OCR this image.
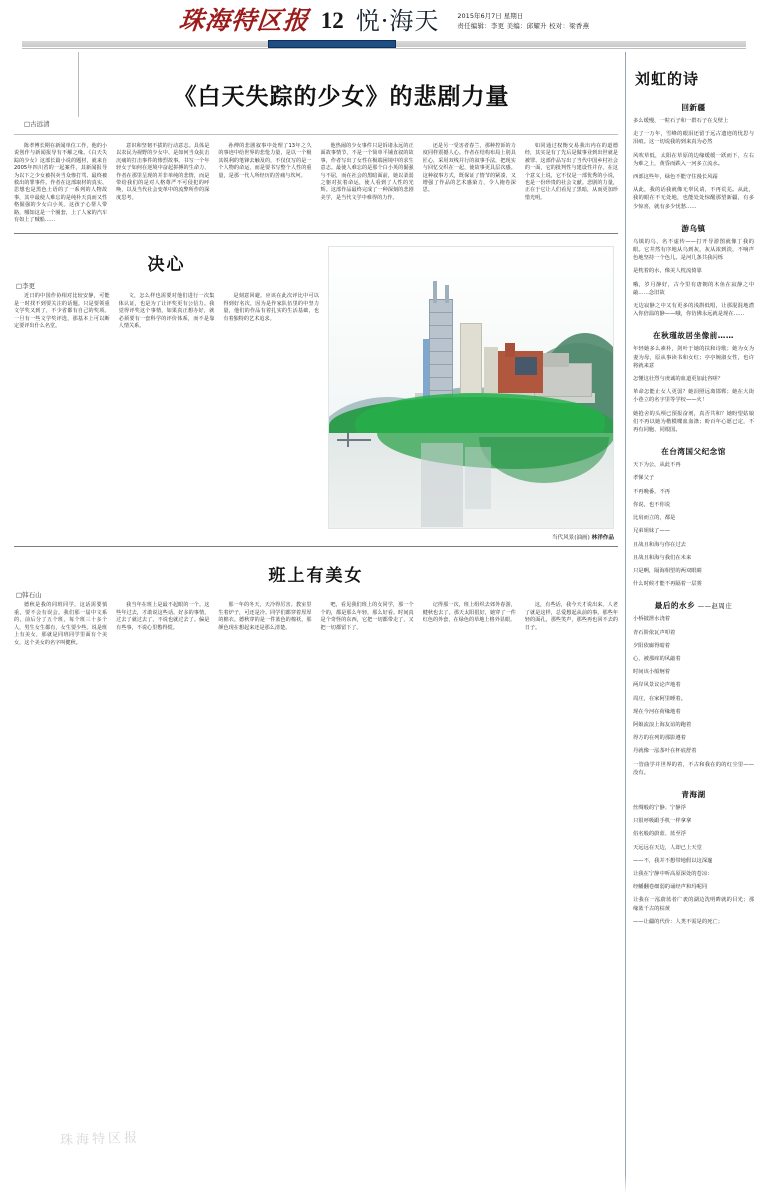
珠海特区报 12 悦·海天	2015年6月7日 星期日
责任编辑：李更 美编：邱耀升 校对：梁香燕
《白天失踪的少女》的悲剧力量
□古远清

陈孝傅长期在新闻单位工作，他的小说创作与新闻报导有不解之缘。《白天失踪的少女》这部长篇小说的题材，就来自2005年四川省的一起案件，其新闻报导为以下之少女被拐卖当众惨打骂、最终被救出的罪事件。作者在这部取材的真实、思想也是黑色土语的了一系列的人物故事，其中最使人难忘的是纯朴天真而又性格倔强的少女白小英。这孩子心帮人带路，哪知这是一个圈套，上了人家的汽车有如上了贼船……

意识和坚韧不拔的行动意志。具体是以农民为视野的少女中、是如何当众抗击沉痛的打击事件的惨烈故事。书写一个年轻女子如何在逆境中奋起拼搏的生命力，作者在那里呈现的并非单纯的悲情，而是带给我们的是对人格尊严不可侵犯的呼唤，以及当代社会变革中的流弊所作的深度思考。

孙傅的悲剧叙事中处理了13年之久的事迹中给世界的悲怆力量，是以一个极其锐利的笔锋去触及的，不仅仅写的是一个人物的命运，而是要书写整个人性的重量，是那一代人所经历的苦痛与坎坷。

他热闹的少女事件只是诉诸永远的正面故事情节，不是一个简单平铺直叙的故事，作者写出了女性在极端困境中的求生意志。最使人难忘的是那个白小英的倔强与不屈，而在社会的黑暗面前，她以柔弱之躯对抗着命运，使人看到了人性的光辉。这部作品最终完成了一种深刻的悲剧美学，是当代文学中难得的力作。

还是另一受害者春兰，那种控诉的力度同样震撼人心。作者在结构布局上别具匠心，采用双线并行的叙事手法，把现实与回忆交织在一起，使故事更具层次感。这种叙事方式，既保证了情节的紧凑，又增强了作品的艺术感染力，令人掩卷深思。

如同通过权衡交易我出内在的道德经，其实是有了先后是做事业到出世就是被罪、这部作品写出了当代中国乡村社会的一面，它的批判性与建设性并存。在这个意义上说，它不仅是一部优秀的小说，也是一份珍贵的社会文献。悲剧的力量，正在于它让人们看见了黑暗，从而更加珍惜光明。

决心
□李更

近日的中国作协相对比较安静，可能是一时找不到要关注的话题。只是要领重文学奖又到了，不少省都有自己的奖项。一旦有一些文学奖评选，那基本上可以断定要评出什么名堂。

文，怎么样也需要对他们进行一次集体认证，也是为了让评奖更有公信力。我觉得评奖这个事情，如果真正想办好，就必须要有一套科学的评价体系，而不是靠人情关系。

是刻意回避。应该在此次评比中可以得到好名次，因为是作家队伍里的中坚力量，他们的作品有着扎实的生活基础，也有着独特的艺术追求。

当代风景(油画) 林洋作品
班上有美女
□韩石山

德秋是我的同班同学。这话需要慎重，要不会有误会。我们那一届中文系的，前后分了五个班，每个班三十多个人，男生女生都有，女生要少些。说是班上有美女，那就是同班同学里面有个美女，这个美女的名字叫健秋。

我当年在班上是最不起眼的一个。这些年过去，才敢说这些话。好多的事情，过去了就过去了，不说也就过去了。偏是有些事，不说心里憋得慌。

那一年的冬天，天冷得厉害。教室里生着炉子，可还是冷。同学们都穿着厚厚的棉衣。德秋穿的是一件蓝色的棉袄，那颜色现在想起来还是那么清楚。

吧，看见我们班上的女同学，那一个个的，都是那么年轻，那么好看。时间真是个奇怪的东西，它把一切都带走了，又把一切都留下了。

记得那一次，班上组织去郊外春游，健秋也去了。那天太阳很好，她穿了一件红色的外套，在绿色的草地上格外显眼。

这，有些话，我今天才说出来。人老了就是这样，总爱想起从前的事。那些年轻的面孔，那些笑声，那些再也回不去的日子。

刘虹的诗
回新疆

多么缓慢，一粒石子和一群石子在戈壁上

走了一万年，雪峰的眼泪还留于远古遗迹的忧思与泪痕。这一切说我的到来真为必然

风吹草低，太阳在草原的边缘缓缓一跃而下，左右为难之上，黄昏而跌入一河多立流水。

西部这些年，绿色不能守住漫长风霜

从此，我的话我就像无辜民请，不再荒芜。从此，我的眼在不无处地，也能处处惊醒那望新疆，有多少惊喜，就有多少忧愁……

游乌镇

乌镇的乌，名不虚传——打开导游图就像丁我的眼。它井然有序地从乌到灰，灰从浓到淡，不响声色地坚持一个色儿。是河几条共我闪烁

是枕着的水，像美人枕流倚靠

哦，岁月静好，古今里有唐朝的木鱼在寂静之中敲……念旧故

无边寂静之中又有更多的浅斟低唱，让那混混地潜入你倍温的静——哦，你仿佛永远就是现在……

在秋瑾故居坐像前……

年轻她多么素朴，剑叶于她的扶和诗歌；她为女为妻为母，原从事读书和女红；亭亭婉淑女性，也许将就来意

怎懂这壮烈与虔诚的血道更加此咨嗟？

革命怎能止女人更弱？她泪照远离邯郸；她在大街小巷立的名字里等学校——火！

她抢舍的头颅已预报奋剂，真否共和？她盼望姑娘们不再以她为楷模喋血血涤；盼百年心愿已定，不再有同胞、同根国。

在台湾国父纪念馆

天下为公，从此不再

孝悌父子

不再晚番，不再

你说，也不你说

比肩而立的，都是

兄弟姐妹了——

且战且和海与你在过去

且战且和海与我们在未来

只是啊，隔海相望的两双眼睛

什么时候才能不再隔着一层雾

最后的水乡 ——赵周庄

小桥披泄水浇着

青石阶依瓦声叩着

夕阳依廊得暗着

心，被那痒的风敲着

时间该小船舸着

两岸风景议论声地着

周庄，在家阿里睡着。

现在今河在荷缘地着

阿娘流浪上海友谊的跑着

得方的在列的那影遵着

丹就像一泓茶叶在杯底舒着

一管曲学并世界的着，不古和我在的的红尘里——没有。

青海湖

丝绸般的宁静、宁静浮

只很呼吸跟手机一样拿拿

俗名般的蔚蓝、蓝至浮

天远远在天边，人却已上天堂

——不，我并不想带地假以这深邃

让我在宁静中听高原深处的苍凉：

经幡翻卷细弱的诵经声和玛呢同

让我在一泓蔚蓝者广袤的湖边洗明眸就的目光；那缘蓝千古的枯黄

——让疆的代价：人类不需是的死亡；

珠海特区报
